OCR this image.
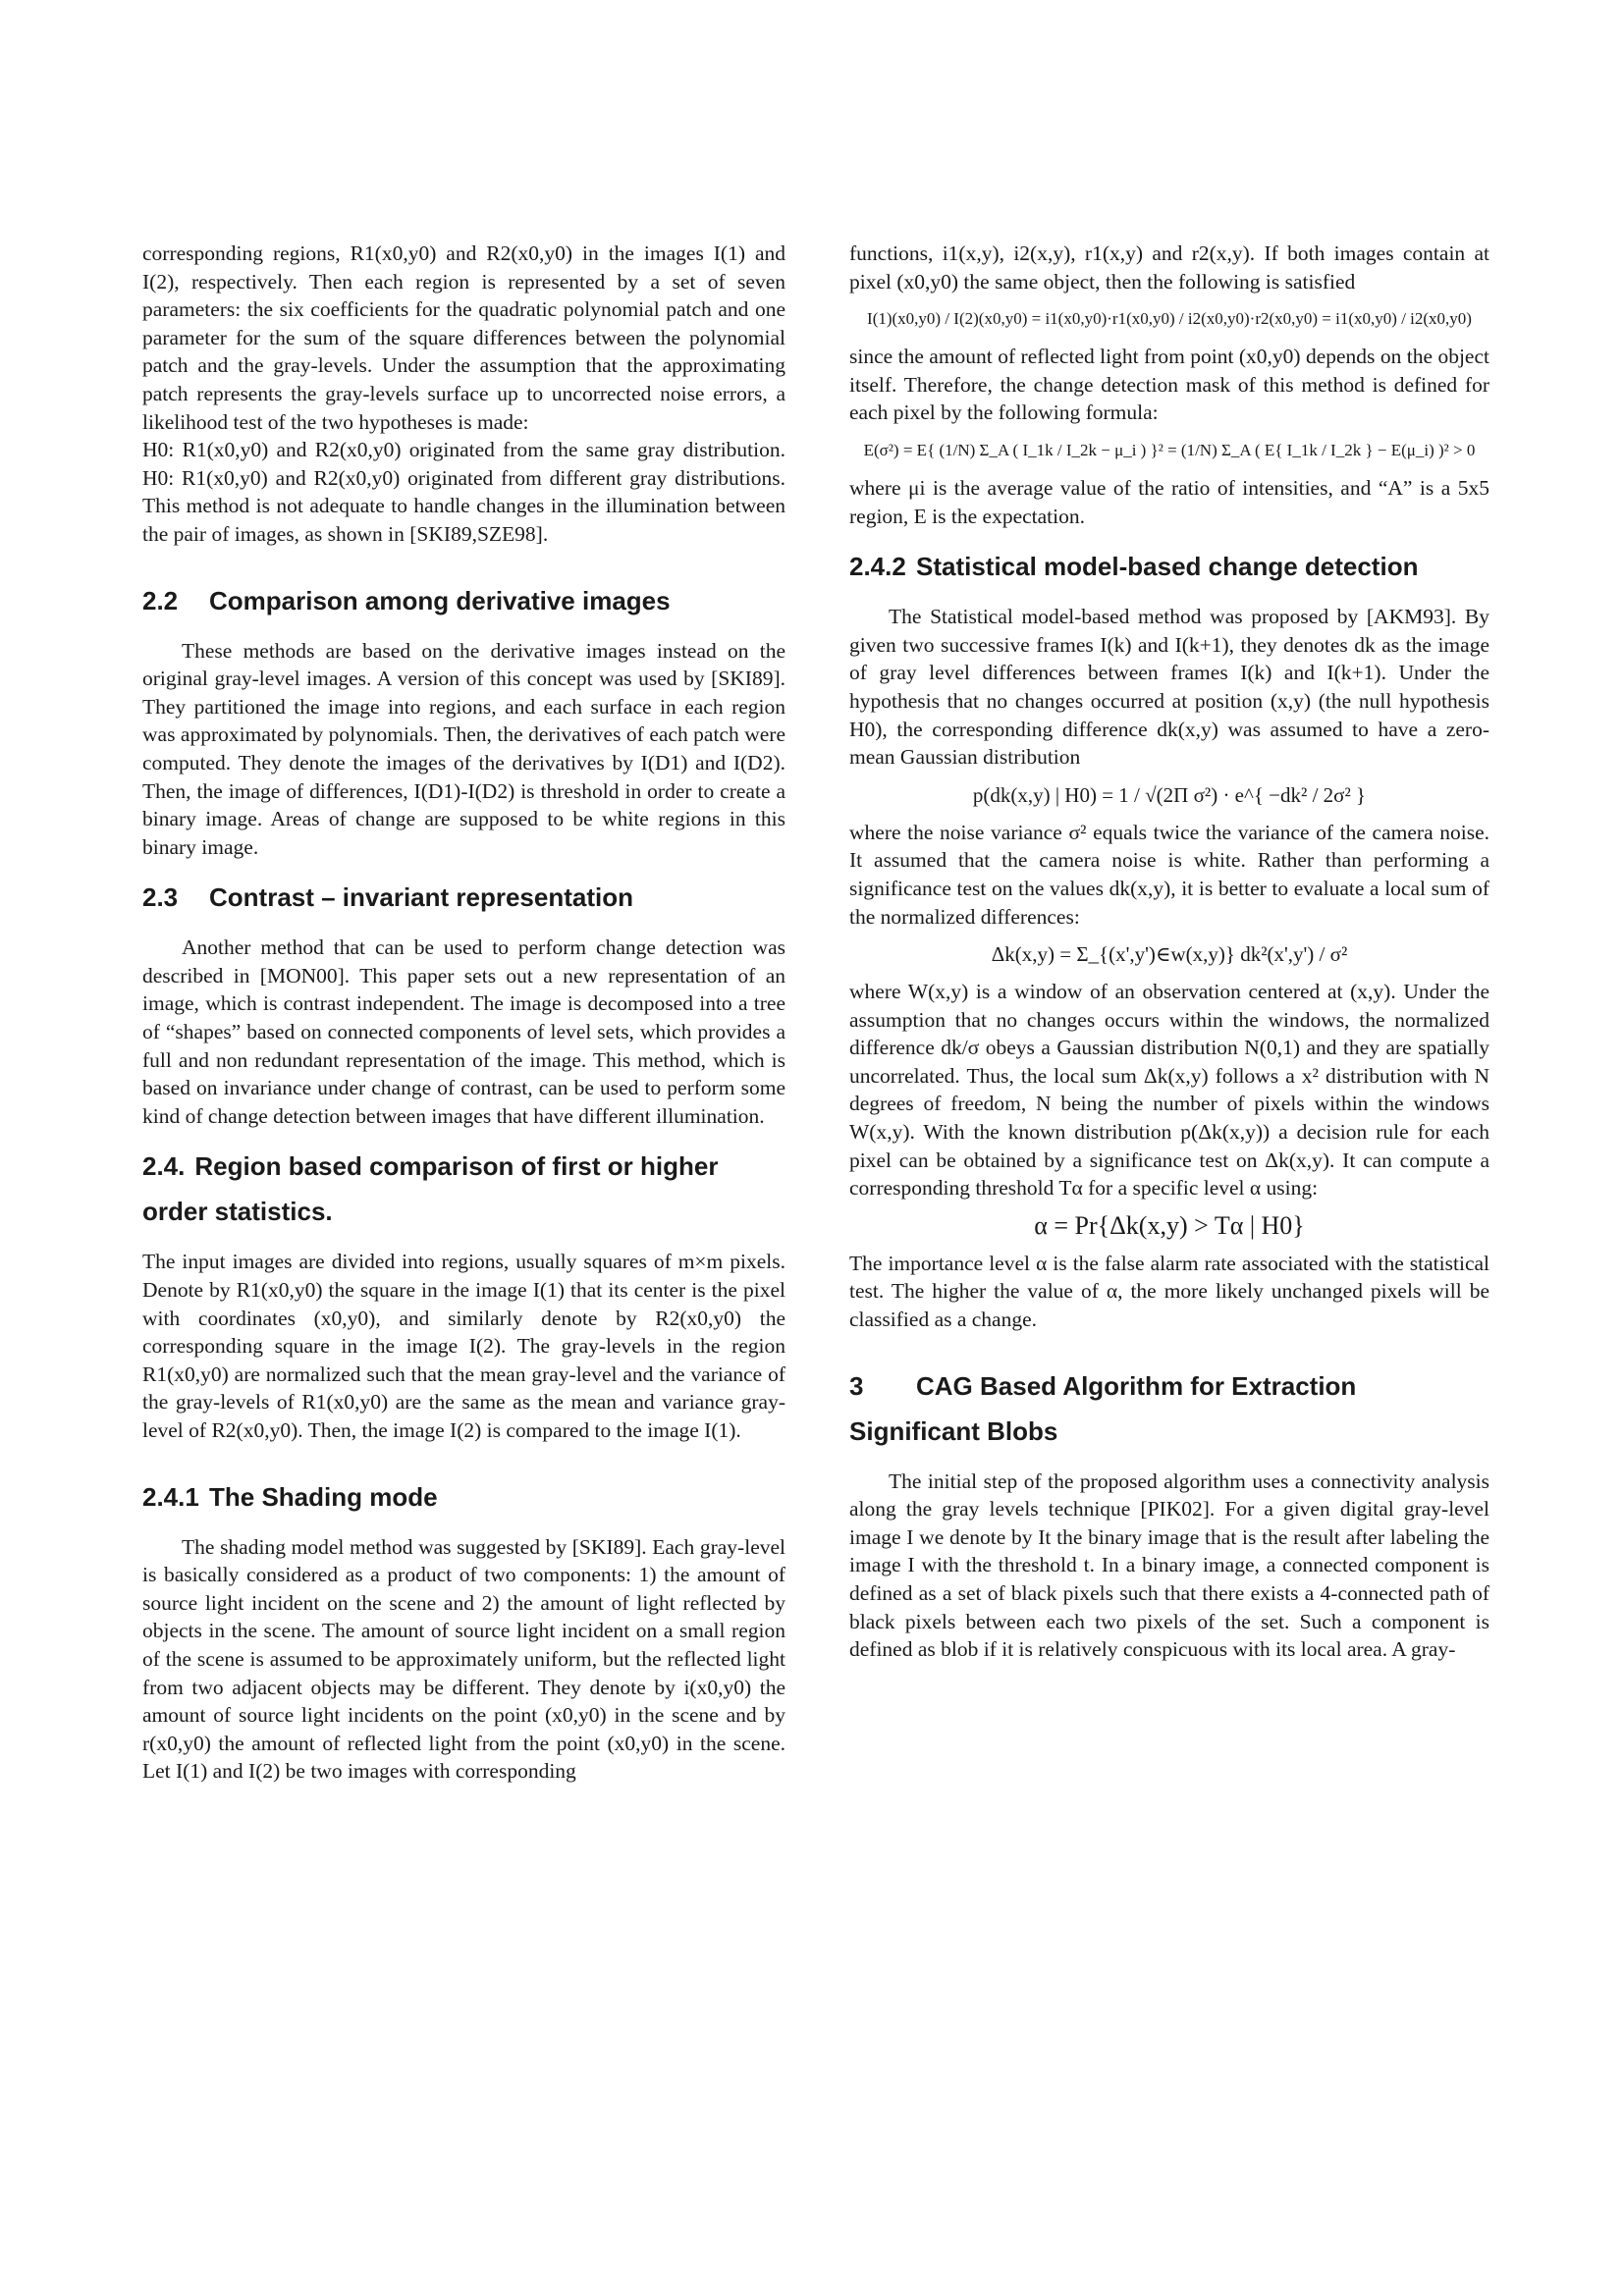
corresponding regions, R1(x0,y0) and R2(x0,y0) in the images I(1) and I(2), respectively. Then each region is represented by a set of seven parameters: the six coefficients for the quadratic polynomial patch and one parameter for the sum of the square differences between the polynomial patch and the gray-levels. Under the assumption that the approximating patch represents the gray-levels surface up to uncorrected noise errors, a likelihood test of the two hypotheses is made:

H0: R1(x0,y0) and R2(x0,y0) originated from the same gray distribution. H0: R1(x0,y0) and R2(x0,y0) originated from different gray distributions. This method is not adequate to handle changes in the illumination between the pair of images, as shown in [SKI89,SZE98].

2.2 Comparison among derivative images

These methods are based on the derivative images instead on the original gray-level images. A version of this concept was used by [SKI89]. They partitioned the image into regions, and each surface in each region was approximated by polynomials. Then, the derivatives of each patch were computed. They denote the images of the derivatives by I(D1) and I(D2). Then, the image of differences, I(D1)-I(D2) is threshold in order to create a binary image. Areas of change are supposed to be white regions in this binary image.

2.3 Contrast – invariant representation

Another method that can be used to perform change detection was described in [MON00]. This paper sets out a new representation of an image, which is contrast independent. The image is decomposed into a tree of “shapes” based on connected components of level sets, which provides a full and non redundant representation of the image. This method, which is based on invariance under change of contrast, can be used to perform some kind of change detection between images that have different illumination.

2.4. Region based comparison of first or higher order statistics.

The input images are divided into regions, usually squares of m×m pixels. Denote by R1(x0,y0) the square in the image I(1) that its center is the pixel with coordinates (x0,y0), and similarly denote by R2(x0,y0) the corresponding square in the image I(2). The gray-levels in the region R1(x0,y0) are normalized such that the mean gray-level and the variance of the gray-levels of R1(x0,y0) are the same as the mean and variance gray-level of R2(x0,y0). Then, the image I(2) is compared to the image I(1).

2.4.1 The Shading mode

The shading model method was suggested by [SKI89]. Each gray-level is basically considered as a product of two components: 1) the amount of source light incident on the scene and 2) the amount of light reflected by objects in the scene. The amount of source light incident on a small region of the scene is assumed to be approximately uniform, but the reflected light from two adjacent objects may be different. They denote by i(x0,y0) the amount of source light incidents on the point (x0,y0) in the scene and by r(x0,y0) the amount of reflected light from the point (x0,y0) in the scene. Let I(1) and I(2) be two images with corresponding

functions, i1(x,y), i2(x,y), r1(x,y) and r2(x,y). If both images contain at pixel (x0,y0) the same object, then the following is satisfied

I(1)(x0,y0) / I(2)(x0,y0) = i1(x0,y0)·r1(x0,y0) / i2(x0,y0)·r2(x0,y0) = i1(x0,y0) / i2(x0,y0)

since the amount of reflected light from point (x0,y0) depends on the object itself. Therefore, the change detection mask of this method is defined for each pixel by the following formula:

E(σ²) = E{ (1/N) Σ_A ( I_1k / I_2k − μ_i ) }² = (1/N) Σ_A ( E{ I_1k / I_2k } − E(μ_i) )² > 0

where μi is the average value of the ratio of intensities, and “A” is a 5x5 region, E is the expectation.

2.4.2 Statistical model-based change detection

The Statistical model-based method was proposed by [AKM93]. By given two successive frames I(k) and I(k+1), they denotes dk as the image of gray level differences between frames I(k) and I(k+1). Under the hypothesis that no changes occurred at position (x,y) (the null hypothesis H0), the corresponding difference dk(x,y) was assumed to have a zero-mean Gaussian distribution

p(dk(x,y) | H0) = 1 / √(2Π σ²) · e^{ −dk² / 2σ² }

where the noise variance σ² equals twice the variance of the camera noise. It assumed that the camera noise is white. Rather than performing a significance test on the values dk(x,y), it is better to evaluate a local sum of the normalized differences:

Δk(x,y) = Σ_{(x',y')∈w(x,y)} dk²(x',y') / σ²

where W(x,y) is a window of an observation centered at (x,y). Under the assumption that no changes occurs within the windows, the normalized difference dk/σ obeys a Gaussian distribution N(0,1) and they are spatially uncorrelated. Thus, the local sum Δk(x,y) follows a x² distribution with N degrees of freedom, N being the number of pixels within the windows W(x,y). With the known distribution p(Δk(x,y)) a decision rule for each pixel can be obtained by a significance test on Δk(x,y). It can compute a corresponding threshold Tα for a specific level α using:

α = Pr{Δk(x,y) > Tα | H0}

The importance level α is the false alarm rate associated with the statistical test. The higher the value of α, the more likely unchanged pixels will be classified as a change.

3 CAG Based Algorithm for Extraction Significant Blobs

The initial step of the proposed algorithm uses a connectivity analysis along the gray levels technique [PIK02]. For a given digital gray-level image I we denote by It the binary image that is the result after labeling the image I with the threshold t. In a binary image, a connected component is defined as a set of black pixels such that there exists a 4-connected path of black pixels between each two pixels of the set. Such a component is defined as blob if it is relatively conspicuous with its local area. A gray-
